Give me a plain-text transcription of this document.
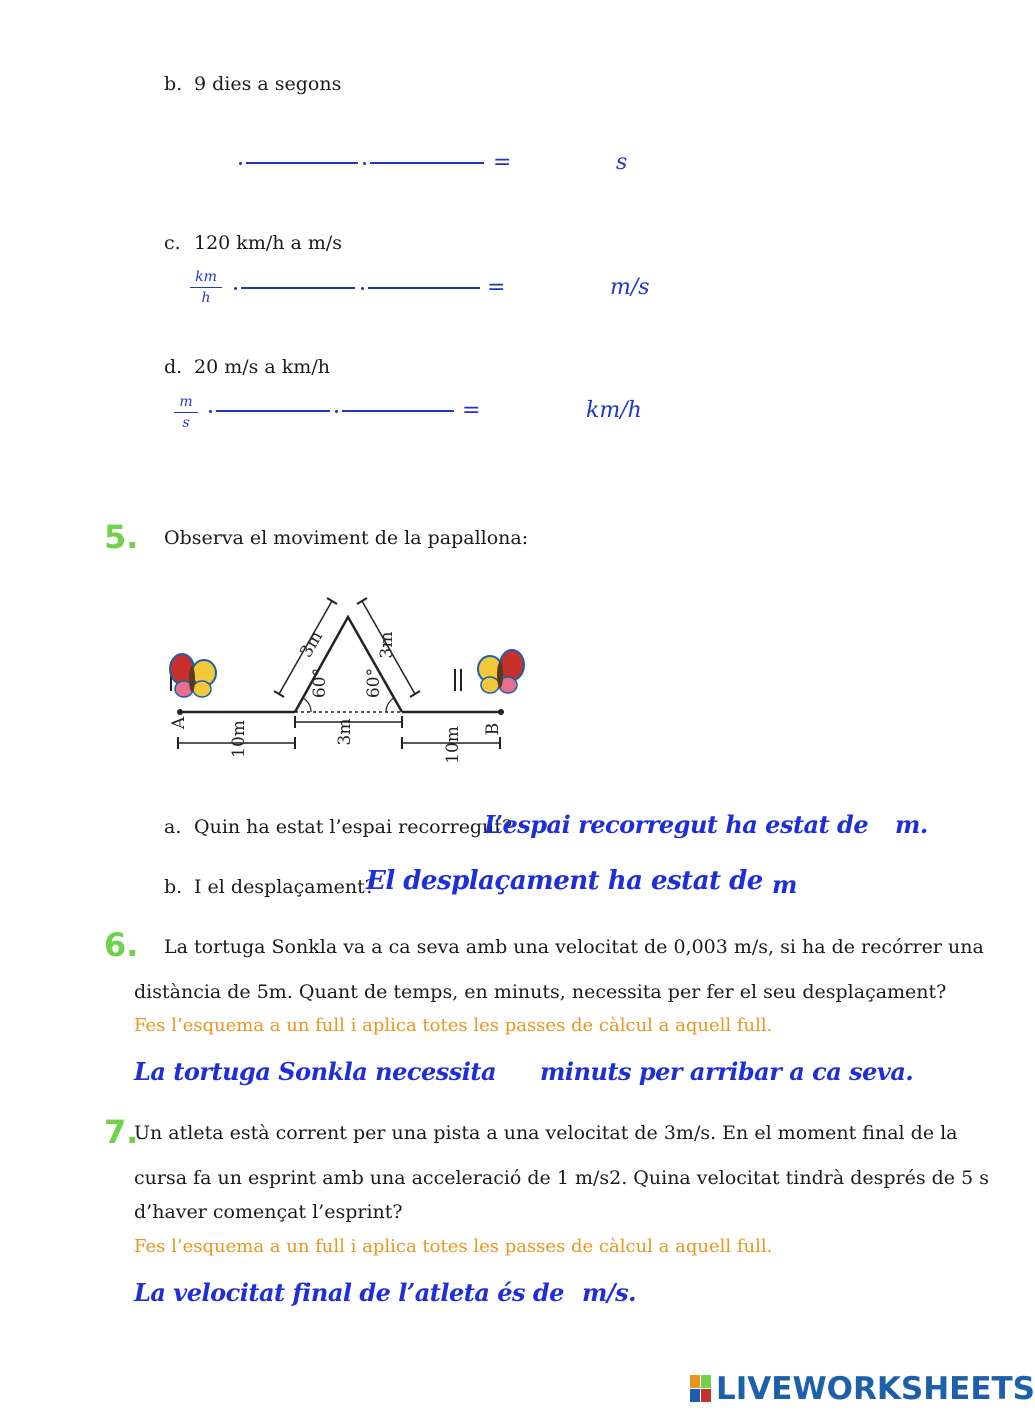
b. 9 dies a segons
=	s
c. 120 km/h a m/s
km
h	=	m/s
d. 20 m/s a km/h
m
s	=	km/h
5. Observa el moviment de la papallona:
A	B
10m	3m	10m
3m	3m
60° 60°
a. Quin ha estat l’espai recorregut?
L’espai recorregut ha estat de m.
b. I el desplaçament?
El desplaçament ha estat de m
6. La tortuga Sonkla va a ca seva amb una velocitat de 0,003 m/s, si ha de recórrer una
distància de 5m. Quant de temps, en minuts, necessita per fer el seu desplaçament?
Fes l’esquema a un full i aplica totes les passes de càlcul a aquell full.
La tortuga Sonkla necessita minuts per arribar a ca seva.
7.
Un atleta està corrent per una pista a una velocitat de 3m/s. En el moment final de la
cursa fa un esprint amb una acceleració de 1 m/s2. Quina velocitat tindrà després de 5 s
d’haver començat l’esprint?
Fes l’esquema a un full i aplica totes les passes de càlcul a aquell full.
La velocitat final de l’atleta és de m/s.
LIVEWORKSHEETS
